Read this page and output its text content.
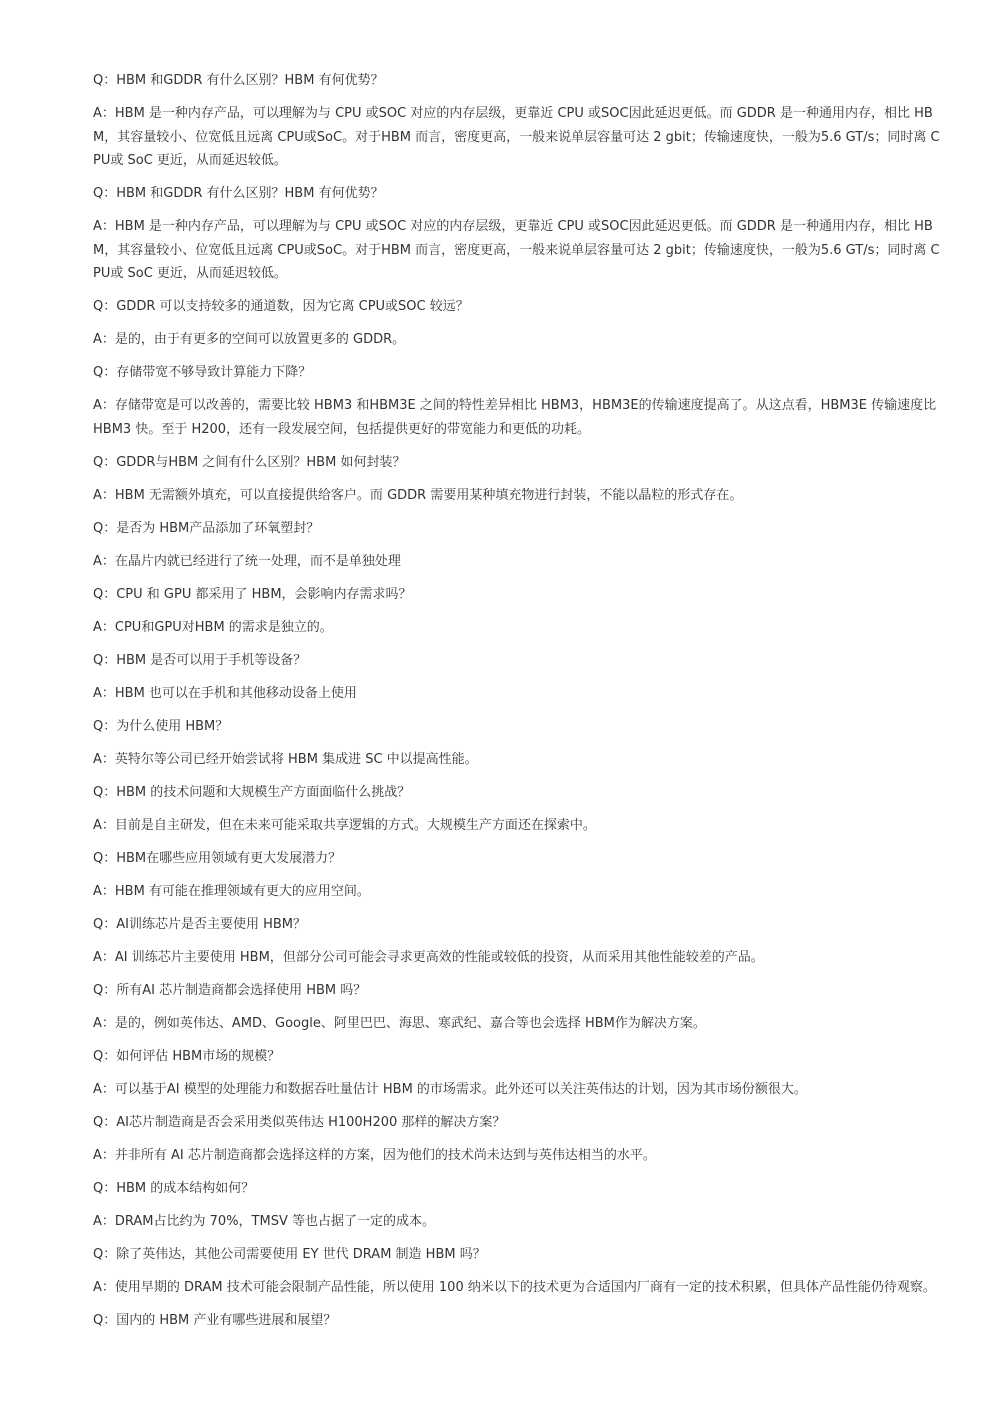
Q：HBM 和GDDR 有什么区别？HBM 有何优势？

A：HBM 是一种内存产品，可以理解为与 CPU 或SOC 对应的内存层级，更靠近 CPU 或SOC因此延迟更低。而 GDDR 是一种通用内存，相比 HBM，其容量较小、位宽低且远离 CPU或SoC。对于HBM 而言，密度更高，一般来说单层容量可达 2 gbit；传输速度快，一般为5.6 GT/s；同时离 CPU或 SoC 更近，从而延迟较低。

Q：HBM 和GDDR 有什么区别？HBM 有何优势？

A：HBM 是一种内存产品，可以理解为与 CPU 或SOC 对应的内存层级，更靠近 CPU 或SOC因此延迟更低。而 GDDR 是一种通用内存，相比 HBM，其容量较小、位宽低且远离 CPU或SoC。对于HBM 而言，密度更高，一般来说单层容量可达 2 gbit；传输速度快，一般为5.6 GT/s；同时离 CPU或 SoC 更近，从而延迟较低。

Q：GDDR 可以支持较多的通道数，因为它离 CPU或SOC 较远？

A：是的，由于有更多的空间可以放置更多的 GDDR。

Q：存储带宽不够导致计算能力下降？

A：存储带宽是可以改善的，需要比较 HBM3 和HBM3E 之间的特性差异相比 HBM3，HBM3E的传输速度提高了。从这点看，HBM3E 传输速度比 HBM3 快。至于 H200，还有一段发展空间，包括提供更好的带宽能力和更低的功耗。

Q：GDDR与HBM 之间有什么区别？HBM 如何封装？

A：HBM 无需额外填充，可以直接提供给客户。而 GDDR 需要用某种填充物进行封装，不能以晶粒的形式存在。

Q：是否为 HBM产品添加了环氧塑封？

A：在晶片内就已经进行了统一处理，而不是单独处理

Q：CPU 和 GPU 都采用了 HBM，会影响内存需求吗？

A：CPU和GPU对HBM 的需求是独立的。

Q：HBM 是否可以用于手机等设备？

A：HBM 也可以在手机和其他移动设备上使用

Q：为什么使用 HBM？

A：英特尔等公司已经开始尝试将 HBM 集成进 SC 中以提高性能。

Q：HBM 的技术问题和大规模生产方面面临什么挑战？

A：目前是自主研发，但在未来可能采取共享逻辑的方式。大规模生产方面还在探索中。

Q：HBM在哪些应用领域有更大发展潜力？

A：HBM 有可能在推理领域有更大的应用空间。

Q：AI训练芯片是否主要使用 HBM？

A：AI 训练芯片主要使用 HBM，但部分公司可能会寻求更高效的性能或较低的投资，从而采用其他性能较差的产品。

Q：所有AI 芯片制造商都会选择使用 HBM 吗？

A：是的，例如英伟达、AMD、Google、阿里巴巴、海思、寒武纪、嘉合等也会选择 HBM作为解决方案。

Q：如何评估 HBM市场的规模？

A：可以基于AI 模型的处理能力和数据吞吐量估计 HBM 的市场需求。此外还可以关注英伟达的计划，因为其市场份额很大。

Q：AI芯片制造商是否会采用类似英伟达 H100H200 那样的解决方案？

A：并非所有 AI 芯片制造商都会选择这样的方案，因为他们的技术尚未达到与英伟达相当的水平。

Q：HBM 的成本结构如何？

A：DRAM占比约为 70%，TMSV 等也占据了一定的成本。

Q：除了英伟达，其他公司需要使用 EY 世代 DRAM 制造 HBM 吗？

A：使用早期的 DRAM 技术可能会限制产品性能，所以使用 100 纳米以下的技术更为合适国内厂商有一定的技术积累，但具体产品性能仍待观察。

Q：国内的 HBM 产业有哪些进展和展望？
